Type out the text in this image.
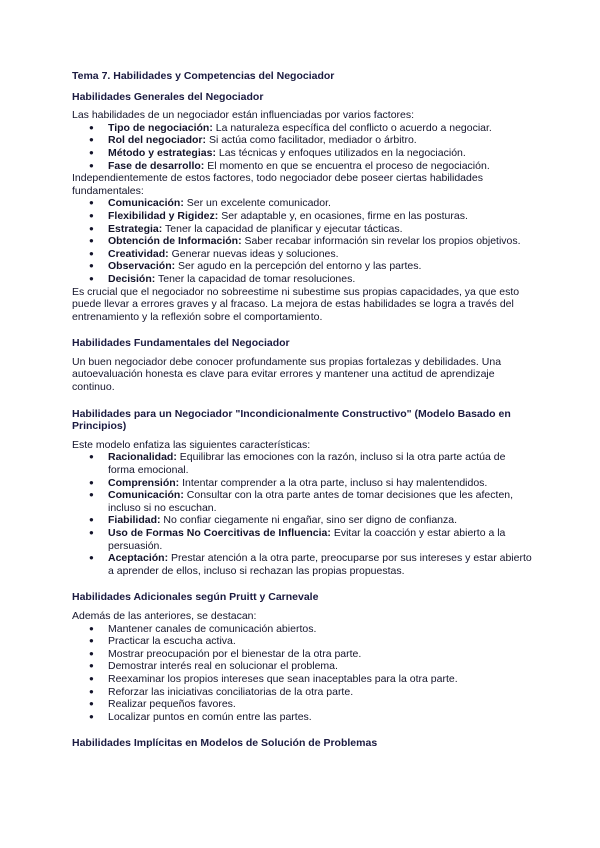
Tema 7. Habilidades y Competencias del Negociador
Habilidades Generales del Negociador

Las habilidades de un negociador están influenciadas por varios factores:

● Tipo de negociación: La naturaleza específica del conflicto o acuerdo a negociar.
● Rol del negociador: Si actúa como facilitador, mediador o árbitro.
● Método y estrategias: Las técnicas y enfoques utilizados en la negociación.
● Fase de desarrollo: El momento en que se encuentra el proceso de negociación.

Independientemente de estos factores, todo negociador debe poseer ciertas habilidades fundamentales:

● Comunicación: Ser un excelente comunicador.
● Flexibilidad y Rigidez: Ser adaptable y, en ocasiones, firme en las posturas.
● Estrategia: Tener la capacidad de planificar y ejecutar tácticas.
● Obtención de Información: Saber recabar información sin revelar los propios objetivos.
● Creatividad: Generar nuevas ideas y soluciones.
● Observación: Ser agudo en la percepción del entorno y las partes.
● Decisión: Tener la capacidad de tomar resoluciones.

Es crucial que el negociador no sobreestime ni subestime sus propias capacidades, ya que esto puede llevar a errores graves y al fracaso. La mejora de estas habilidades se logra a través del entrenamiento y la reflexión sobre el comportamiento.

Habilidades Fundamentales del Negociador

Un buen negociador debe conocer profundamente sus propias fortalezas y debilidades. Una autoevaluación honesta es clave para evitar errores y mantener una actitud de aprendizaje continuo.

Habilidades para un Negociador "Incondicionalmente Constructivo" (Modelo Basado en Principios)

Este modelo enfatiza las siguientes características:

● Racionalidad: Equilibrar las emociones con la razón, incluso si la otra parte actúa de forma emocional.
● Comprensión: Intentar comprender a la otra parte, incluso si hay malentendidos.
● Comunicación: Consultar con la otra parte antes de tomar decisiones que les afecten, incluso si no escuchan.
● Fiabilidad: No confiar ciegamente ni engañar, sino ser digno de confianza.
● Uso de Formas No Coercitivas de Influencia: Evitar la coacción y estar abierto a la persuasión.
● Aceptación: Prestar atención a la otra parte, preocuparse por sus intereses y estar abierto a aprender de ellos, incluso si rechazan las propias propuestas.
Habilidades Adicionales según Pruitt y Carnevale

Además de las anteriores, se destacan:

● Mantener canales de comunicación abiertos.
● Practicar la escucha activa.
● Mostrar preocupación por el bienestar de la otra parte.
● Demostrar interés real en solucionar el problema.
● Reexaminar los propios intereses que sean inaceptables para la otra parte.
● Reforzar las iniciativas conciliatorias de la otra parte.
● Realizar pequeños favores.
● Localizar puntos en común entre las partes.
Habilidades Implícitas en Modelos de Solución de Problemas
